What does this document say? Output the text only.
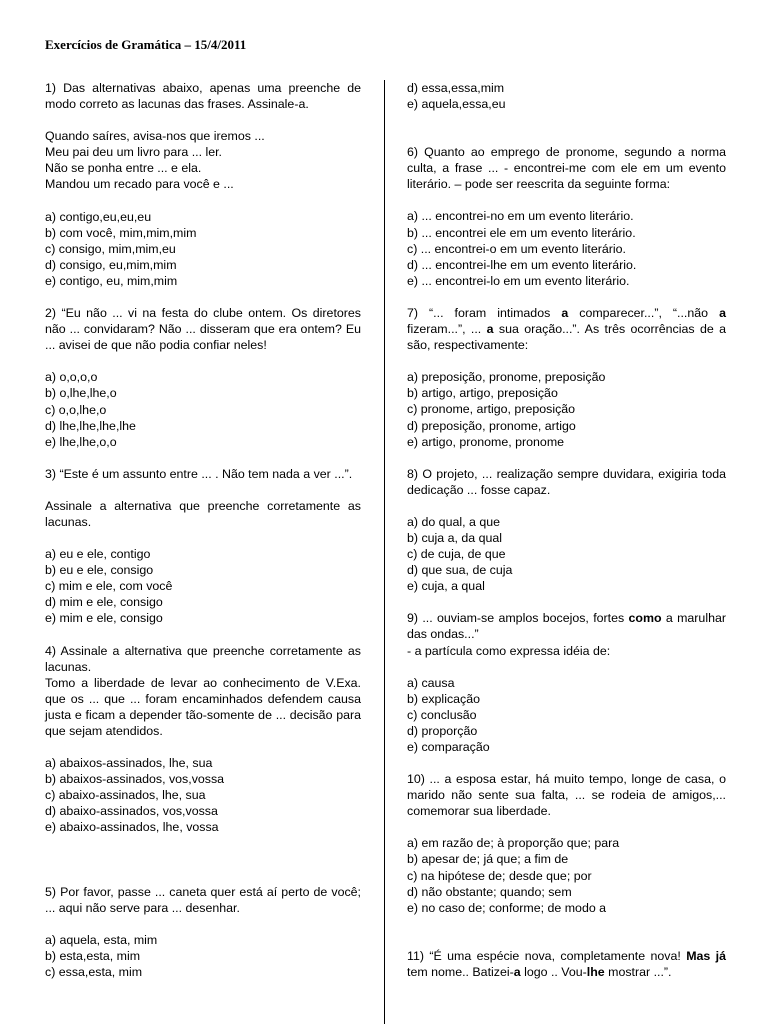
Exercícios de Gramática – 15/4/2011

1) Das alternativas abaixo, apenas uma preenche de modo correto as lacunas das frases. Assinale-a.

Quando saíres, avisa-nos que iremos ...

Meu pai deu um livro para ... ler.

Não se ponha entre ... e ela.

Mandou um recado para você e ...

a) contigo,eu,eu,eu

b) com você, mim,mim,mim

c) consigo, mim,mim,eu

d) consigo, eu,mim,mim

e) contigo, eu, mim,mim

2) “Eu não ... vi na festa do clube ontem. Os diretores não ... convidaram? Não ... disseram que era ontem? Eu ... avisei de que não podia confiar neles!

a) o,o,o,o

b) o,lhe,lhe,o

c) o,o,lhe,o

d) lhe,lhe,lhe,lhe

e) lhe,lhe,o,o

3) “Este é um assunto entre ... . Não tem nada a ver ...”.

Assinale a alternativa que preenche corretamente as lacunas.

a) eu e ele, contigo

b) eu e ele, consigo

c) mim e ele, com você

d) mim e ele, consigo

e) mim e ele, consigo

4) Assinale a alternativa que preenche corretamente as lacunas.

Tomo a liberdade de levar ao conhecimento de V.Exa. que os ... que ... foram encaminhados defendem causa justa e ficam a depender tão-somente de ... decisão para que sejam atendidos.

a) abaixos-assinados, lhe, sua

b) abaixos-assinados, vos,vossa

c) abaixo-assinados, lhe, sua

d) abaixo-assinados, vos,vossa

e) abaixo-assinados, lhe, vossa

5) Por favor, passe ... caneta quer está aí perto de você; ... aqui não serve para ... desenhar.

a) aquela, esta, mim

b) esta,esta, mim

c) essa,esta, mim

d) essa,essa,mim

e) aquela,essa,eu

6) Quanto ao emprego de pronome, segundo a norma culta, a frase ... - encontrei-me com ele em um evento literário. – pode ser reescrita da seguinte forma:

a) ... encontrei-no em um evento literário.

b) ... encontrei ele em um evento literário.

c) ... encontrei-o em um evento literário.

d) ... encontrei-lhe em um evento literário.

e) ... encontrei-lo em um evento literário.

7) “... foram intimados a comparecer...”, “...não a fizeram...”, ... a sua oração...”. As três ocorrências de a são, respectivamente:

a) preposição, pronome, preposição

b) artigo, artigo, preposição

c) pronome, artigo, preposição

d) preposição, pronome, artigo

e) artigo, pronome, pronome

8) O projeto, ... realização sempre duvidara, exigiria toda dedicação ... fosse capaz.

a) do qual, a que

b) cuja a, da qual

c) de cuja, de que

d) que sua, de cuja

e) cuja, a qual

9) ... ouviam-se amplos bocejos, fortes como a marulhar das ondas...”

- a partícula como expressa idéia de:

a) causa

b) explicação

c) conclusão

d) proporção

e) comparação

10) ... a esposa estar, há muito tempo, longe de casa, o marido não sente sua falta, ... se rodeia de amigos,... comemorar sua liberdade.

a) em razão de; à proporção que; para

b) apesar de; já que; a fim de

c) na hipótese de; desde que; por

d) não obstante; quando; sem

e) no caso de; conforme; de modo a

11) “É uma espécie nova, completamente nova! Mas já tem nome.. Batizei-a logo .. Vou-lhe mostrar ...”.
